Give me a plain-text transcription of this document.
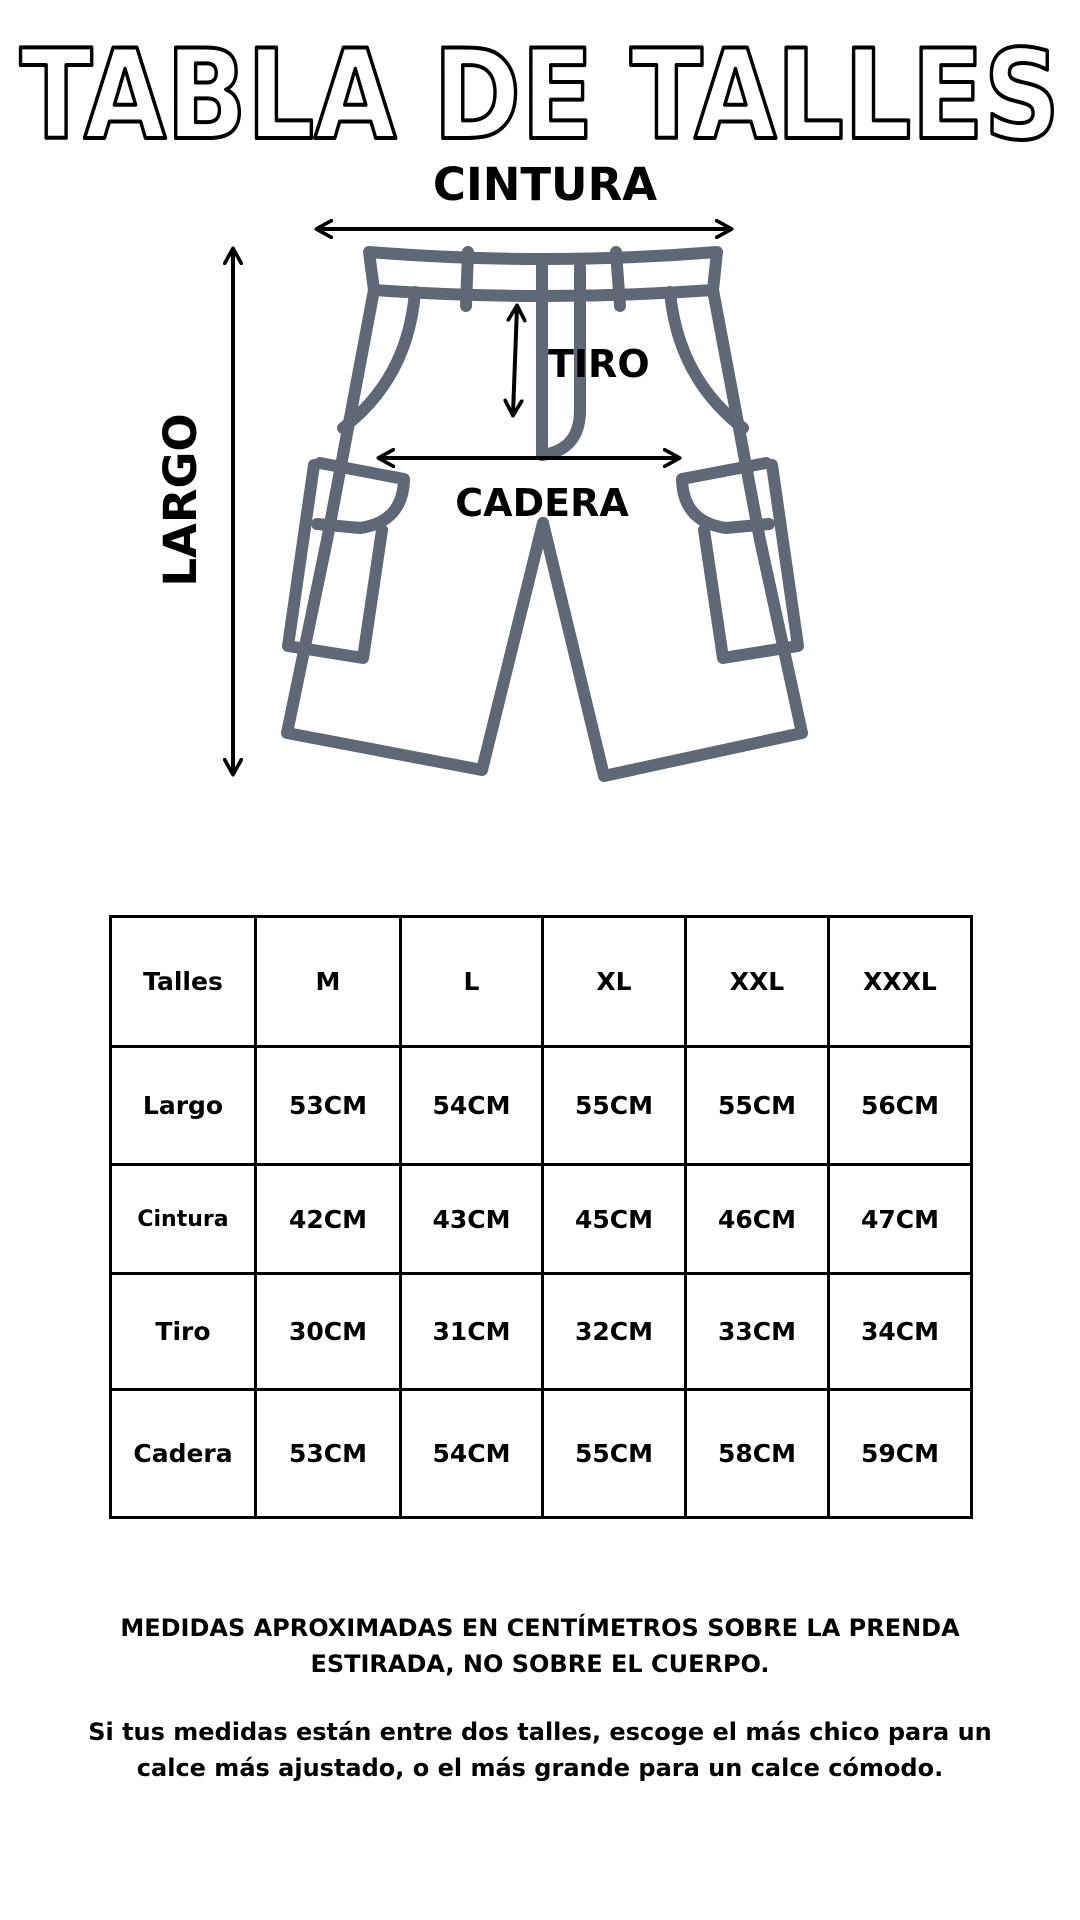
TABLA DE TALLES
CINTURA
LARGO
TIRO
CADERA
Talles	M	L	XL	XXL	XXXL
Largo	53CM	54CM	55CM	55CM	56CM
Cintura	42CM	43CM	45CM	46CM	47CM
Tiro	30CM	31CM	32CM	33CM	34CM
Cadera	53CM	54CM	55CM	58CM	59CM

MEDIDAS APROXIMADAS EN CENTÍMETROS SOBRE LA PRENDA ESTIRADA, NO SOBRE EL CUERPO.

Si tus medidas están entre dos talles, escoge el más chico para un calce más ajustado, o el más grande para un calce cómodo.
